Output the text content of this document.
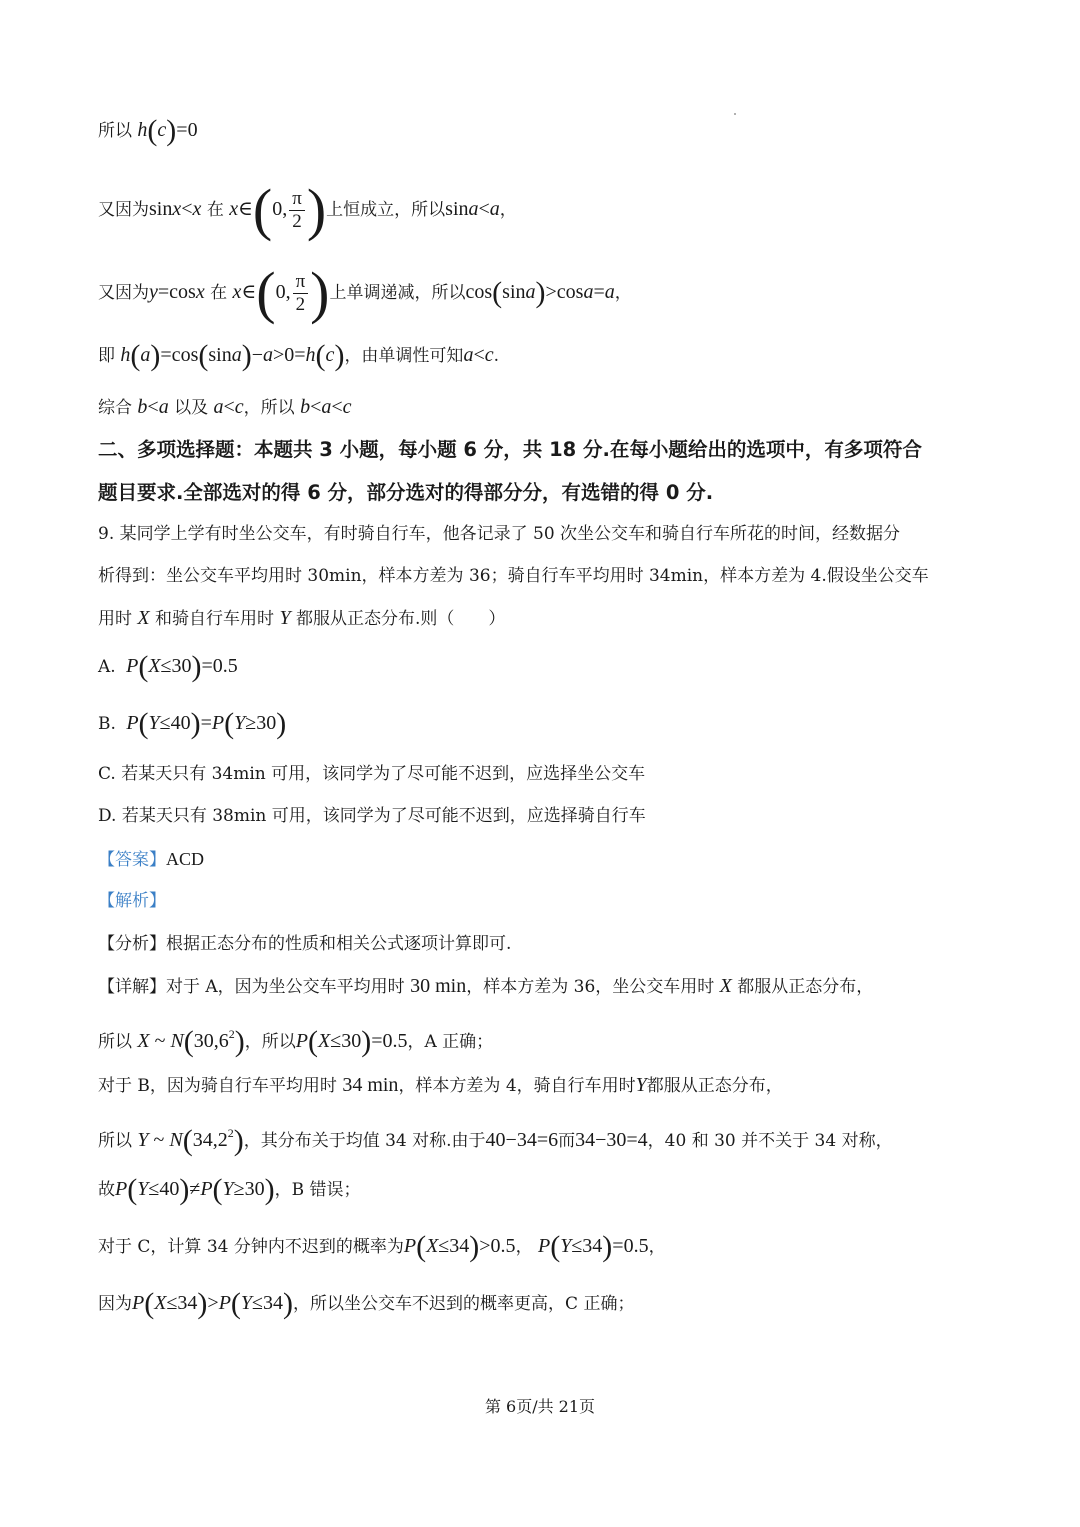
所以 h(c)=0
又因为sinx<x 在 x∈(0, $\frac{\pi}{2}$ )上恒成立，所以sina<a，
又因为y=cosx 在 x∈(0, $\frac{\pi}{2}$ )上单调递减，所以cos(sina)>cosa=a，
即 h(a)=cos(sina)−a>0=h(c)，由单调性可知a<c.
综合 b<a 以及 a<c，所以 b<a<c
二、多项选择题：本题共 3 小题，每小题 6 分，共 18 分.在每小题给出的选项中，有多项符合
题目要求.全部选对的得 6 分，部分选对的得部分分，有选错的得 0 分.
9. 某同学上学有时坐公交车，有时骑自行车，他各记录了 50 次坐公交车和骑自行车所花的时间，经数据分
析得到：坐公交车平均用时 30min，样本方差为 36；骑自行车平均用时 34min，样本方差为 4.假设坐公交车
用时 X 和骑自行车用时 Y 都服从正态分布.则（　　）
A. P(X≤30)=0.5
B. P(Y≤40)=P(Y≥30)
C. 若某天只有 34min 可用，该同学为了尽可能不迟到，应选择坐公交车
D. 若某天只有 38min 可用，该同学为了尽可能不迟到，应选择骑自行车
【答案】ACD
【解析】
【分析】根据正态分布的性质和相关公式逐项计算即可.
【详解】对于 A，因为坐公交车平均用时 30 min，样本方差为 36，坐公交车用时 X 都服从正态分布，
所以 X ~ N(30,6$^2$)，所以P(X≤30)=0.5，A 正确；
对于 B，因为骑自行车平均用时 34 min，样本方差为 4，骑自行车用时Y都服从正态分布，
所以 Y ~ N(34,2$^2$)，其分布关于均值 34 对称.由于40−34=6而34−30=4，40 和 30 并不关于 34 对称，
故P(Y≤40)≠P(Y≥30)，B 错误；
对于 C，计算 34 分钟内不迟到的概率为P(X≤34)>0.5， P(Y≤34)=0.5，
因为P(X≤34)>P(Y≤34)，所以坐公交车不迟到的概率更高，C 正确；
第 6页/共 21页
